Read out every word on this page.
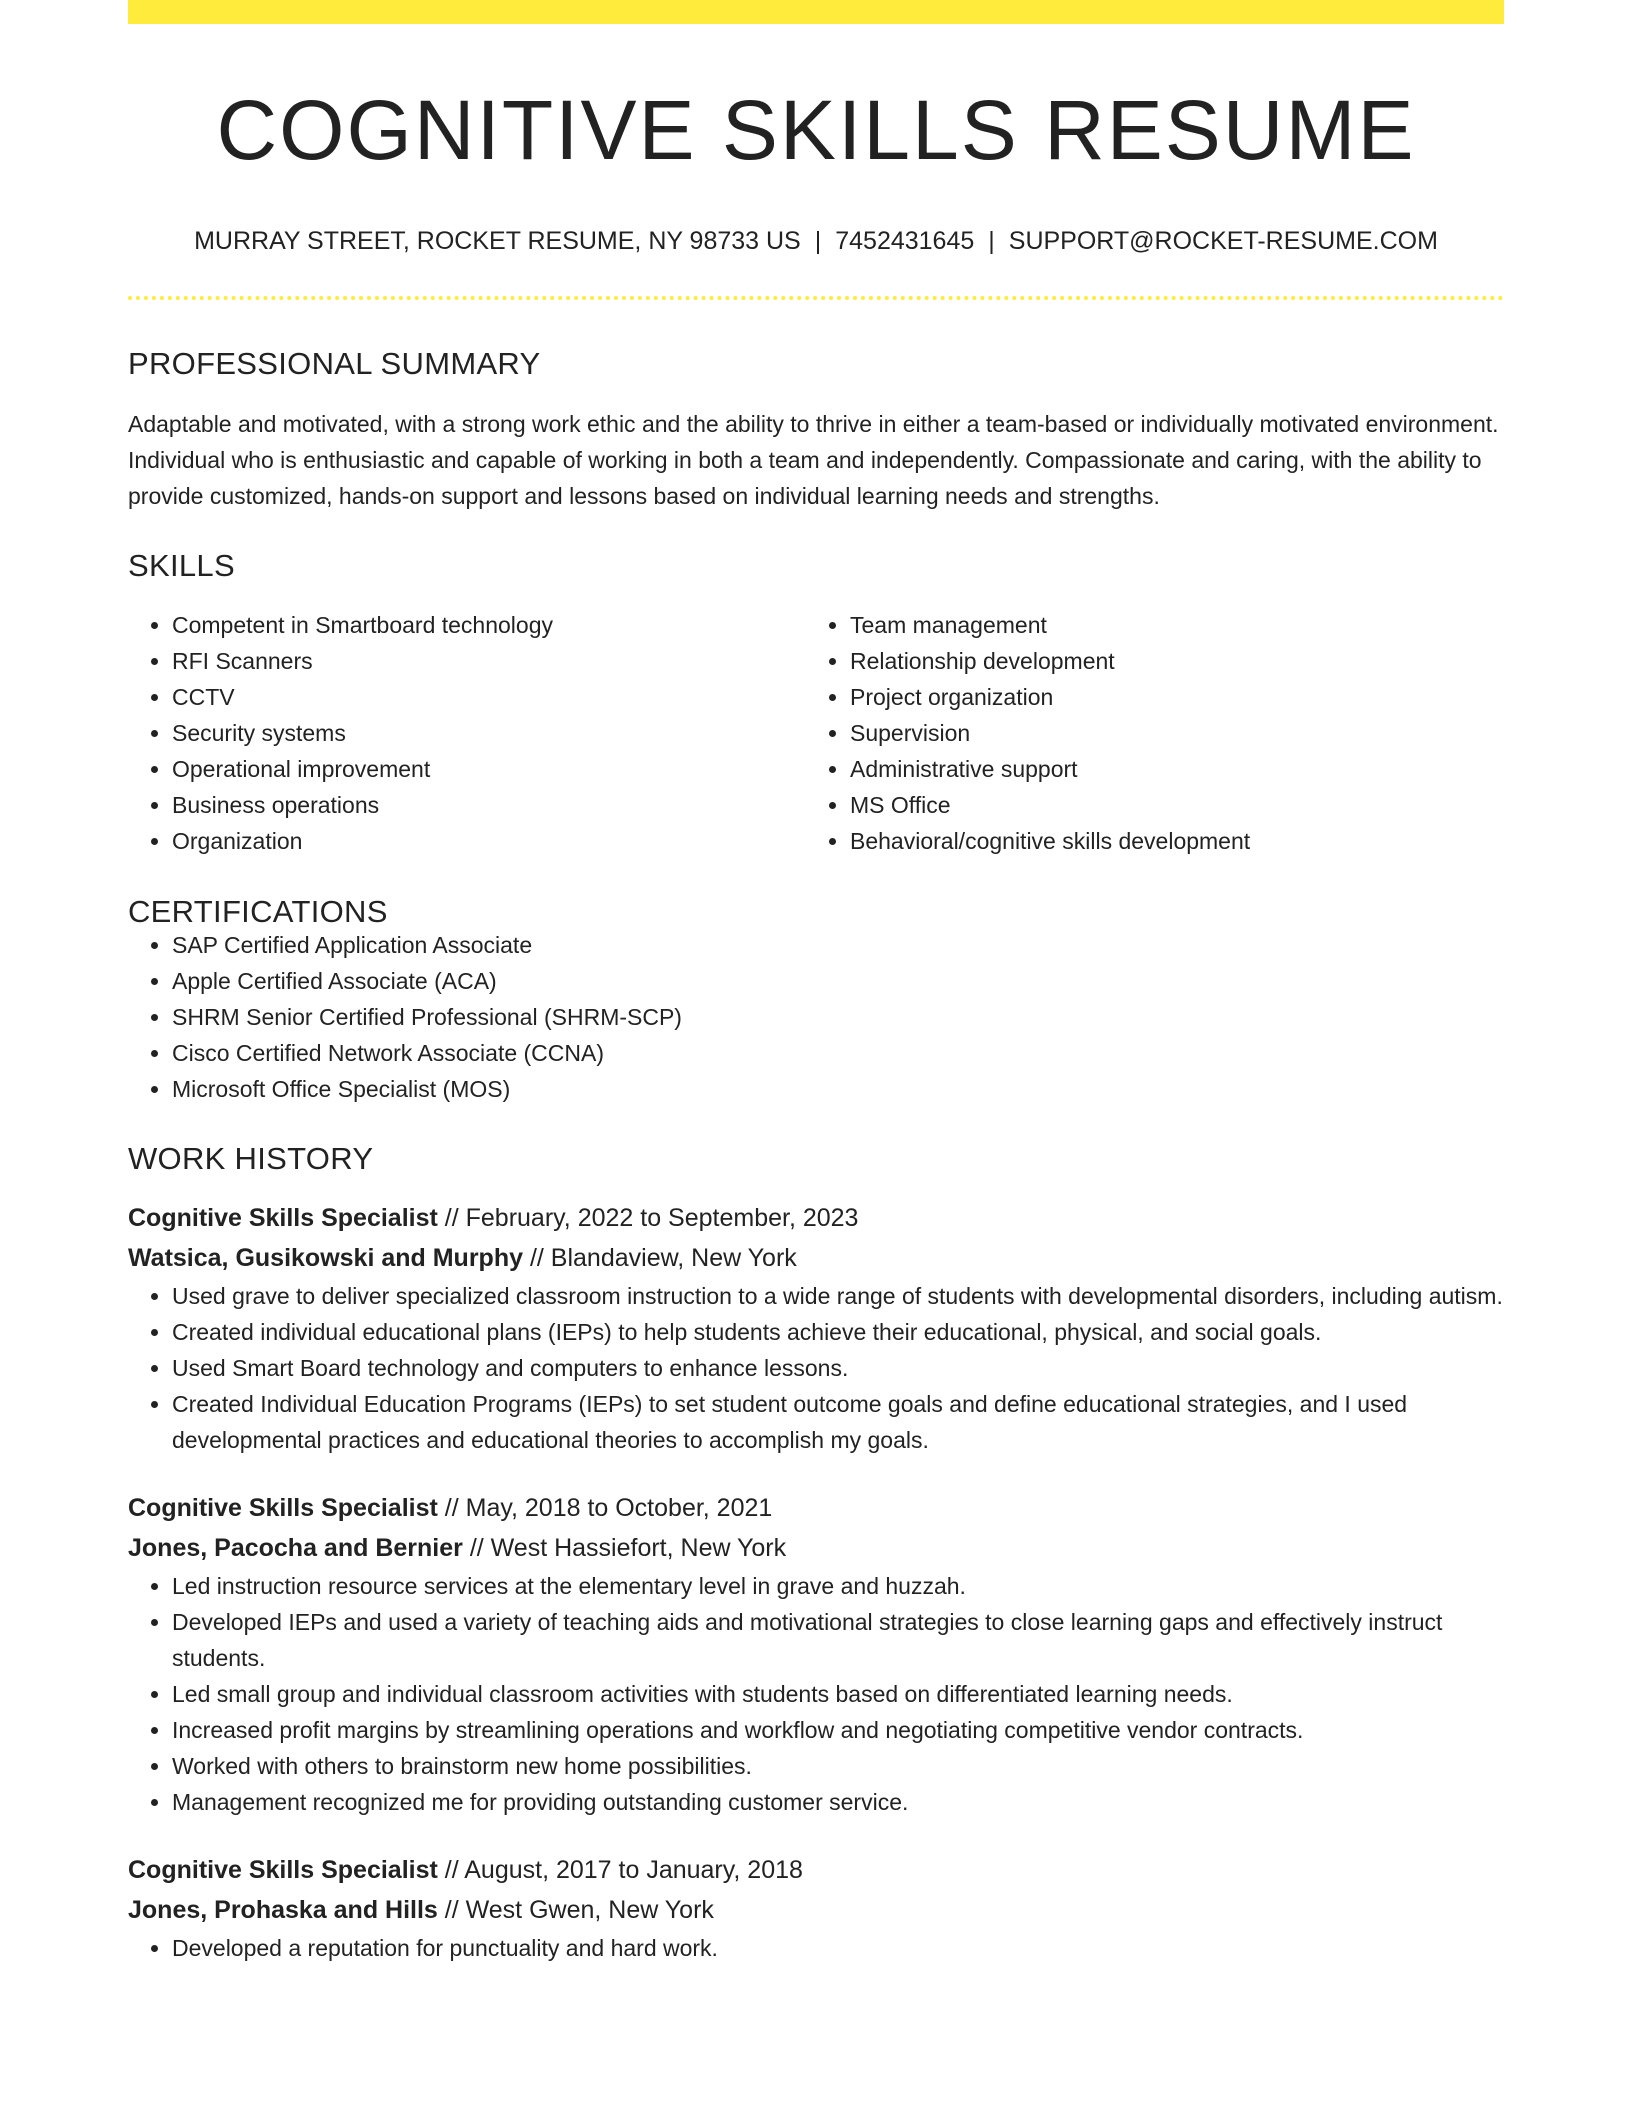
COGNITIVE SKILLS RESUME
MURRAY STREET, ROCKET RESUME, NY 98733 US | 7452431645 | SUPPORT@ROCKET-RESUME.COM
PROFESSIONAL SUMMARY
Adaptable and motivated, with a strong work ethic and the ability to thrive in either a team-based or individually motivated environment. Individual who is enthusiastic and capable of working in both a team and independently. Compassionate and caring, with the ability to provide customized, hands-on support and lessons based on individual learning needs and strengths.
SKILLS
• Competent in Smartboard technology
• RFI Scanners
• CCTV
• Security systems
• Operational improvement
• Business operations
• Organization
• Team management
• Relationship development
• Project organization
• Supervision
• Administrative support
• MS Office
• Behavioral/cognitive skills development
CERTIFICATIONS
• SAP Certified Application Associate
• Apple Certified Associate (ACA)
• SHRM Senior Certified Professional (SHRM-SCP)
• Cisco Certified Network Associate (CCNA)
• Microsoft Office Specialist (MOS)
WORK HISTORY
Cognitive Skills Specialist // February, 2022 to September, 2023
Watsica, Gusikowski and Murphy // Blandaview, New York
• Used grave to deliver specialized classroom instruction to a wide range of students with developmental disorders, including autism.
• Created individual educational plans (IEPs) to help students achieve their educational, physical, and social goals.
• Used Smart Board technology and computers to enhance lessons.
• Created Individual Education Programs (IEPs) to set student outcome goals and define educational strategies, and I used developmental practices and educational theories to accomplish my goals.
Cognitive Skills Specialist // May, 2018 to October, 2021
Jones, Pacocha and Bernier // West Hassiefort, New York
• Led instruction resource services at the elementary level in grave and huzzah.
• Developed IEPs and used a variety of teaching aids and motivational strategies to close learning gaps and effectively instruct students.
• Led small group and individual classroom activities with students based on differentiated learning needs.
• Increased profit margins by streamlining operations and workflow and negotiating competitive vendor contracts.
• Worked with others to brainstorm new home possibilities.
• Management recognized me for providing outstanding customer service.
Cognitive Skills Specialist // August, 2017 to January, 2018
Jones, Prohaska and Hills // West Gwen, New York
• Developed a reputation for punctuality and hard work.
